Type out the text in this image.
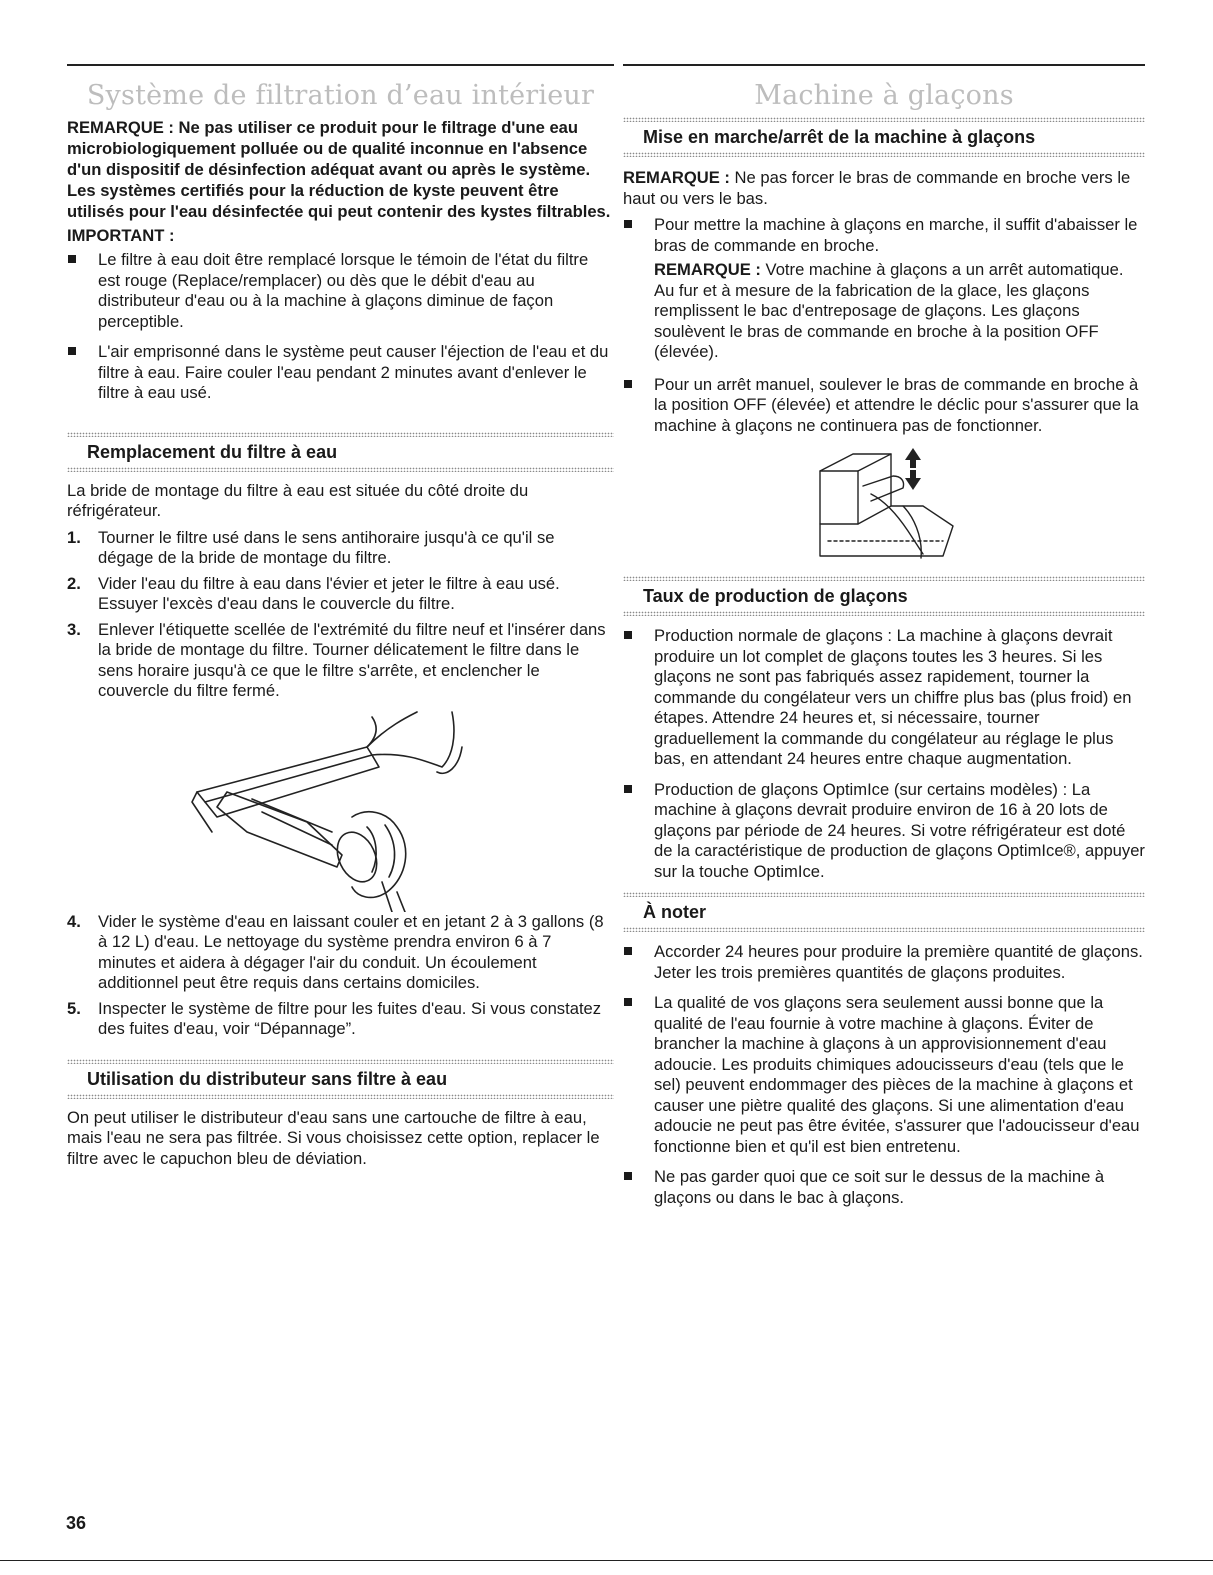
Système de filtration d’eau intérieur

REMARQUE : Ne pas utiliser ce produit pour le filtrage d'une eau microbiologiquement polluée ou de qualité inconnue en l'absence d'un dispositif de désinfection adéquat avant ou après le système. Les systèmes certifiés pour la réduction de kyste peuvent être utilisés pour l'eau désinfectée qui peut contenir des kystes filtrables.

IMPORTANT :
Le filtre à eau doit être remplacé lorsque le témoin de l'état du filtre est rouge (Replace/remplacer) ou dès que le débit d'eau au distributeur d'eau ou à la machine à glaçons diminue de façon perceptible.
L'air emprisonné dans le système peut causer l'éjection de l'eau et du filtre à eau. Faire couler l'eau pendant 2 minutes avant d'enlever le filtre à eau usé.
Remplacement du filtre à eau

La bride de montage du filtre à eau est située du côté droite du réfrigérateur.

1. Tourner le filtre usé dans le sens antihoraire jusqu'à ce qu'il se dégage de la bride de montage du filtre.
2. Vider l'eau du filtre à eau dans l'évier et jeter le filtre à eau usé. Essuyer l'excès d'eau dans le couvercle du filtre.
3. Enlever l'étiquette scellée de l'extrémité du filtre neuf et l'insérer dans la bride de montage du filtre. Tourner délicatement le filtre dans le sens horaire jusqu'à ce que le filtre s'arrête, et enclencher le couvercle du filtre fermé.
4. Vider le système d'eau en laissant couler et en jetant 2 à 3 gallons (8 à 12 L) d'eau. Le nettoyage du système prendra environ 6 à 7 minutes et aidera à dégager l'air du conduit. Un écoulement additionnel peut être requis dans certains domiciles.
5. Inspecter le système de filtre pour les fuites d'eau. Si vous constatez des fuites d'eau, voir “Dépannage”.
Utilisation du distributeur sans filtre à eau

On peut utiliser le distributeur d'eau sans une cartouche de filtre à eau, mais l'eau ne sera pas filtrée. Si vous choisissez cette option, replacer le filtre avec le capuchon bleu de déviation.

Machine à glaçons
Mise en marche/arrêt de la machine à glaçons

REMARQUE : Ne pas forcer le bras de commande en broche vers le haut ou vers le bas.

Pour mettre la machine à glaçons en marche, il suffit d'abaisser le bras de commande en broche.

REMARQUE : Votre machine à glaçons a un arrêt automatique. Au fur et à mesure de la fabrication de la glace, les glaçons remplissent le bac d'entreposage de glaçons. Les glaçons soulèvent le bras de commande en broche à la position OFF (élevée).

Pour un arrêt manuel, soulever le bras de commande en broche à la position OFF (élevée) et attendre le déclic pour s'assurer que la machine à glaçons ne continuera pas de fonctionner.
Taux de production de glaçons
Production normale de glaçons : La machine à glaçons devrait produire un lot complet de glaçons toutes les 3 heures. Si les glaçons ne sont pas fabriqués assez rapidement, tourner la commande du congélateur vers un chiffre plus bas (plus froid) en étapes. Attendre 24 heures et, si nécessaire, tourner graduellement la commande du congélateur au réglage le plus bas, en attendant 24 heures entre chaque augmentation.
Production de glaçons OptimIce (sur certains modèles) : La machine à glaçons devrait produire environ de 16 à 20 lots de glaçons par période de 24 heures. Si votre réfrigérateur est doté de la caractéristique de production de glaçons OptimIce®, appuyer sur la touche OptimIce.
À noter
Accorder 24 heures pour produire la première quantité de glaçons. Jeter les trois premières quantités de glaçons produites.
La qualité de vos glaçons sera seulement aussi bonne que la qualité de l'eau fournie à votre machine à glaçons. Éviter de brancher la machine à glaçons à un approvisionnement d'eau adoucie. Les produits chimiques adoucisseurs d'eau (tels que le sel) peuvent endommager des pièces de la machine à glaçons et causer une piètre qualité des glaçons. Si une alimentation d'eau adoucie ne peut pas être évitée, s'assurer que l'adoucisseur d'eau fonctionne bien et qu'il est bien entretenu.
Ne pas garder quoi que ce soit sur le dessus de la machine à glaçons ou dans le bac à glaçons.
36
